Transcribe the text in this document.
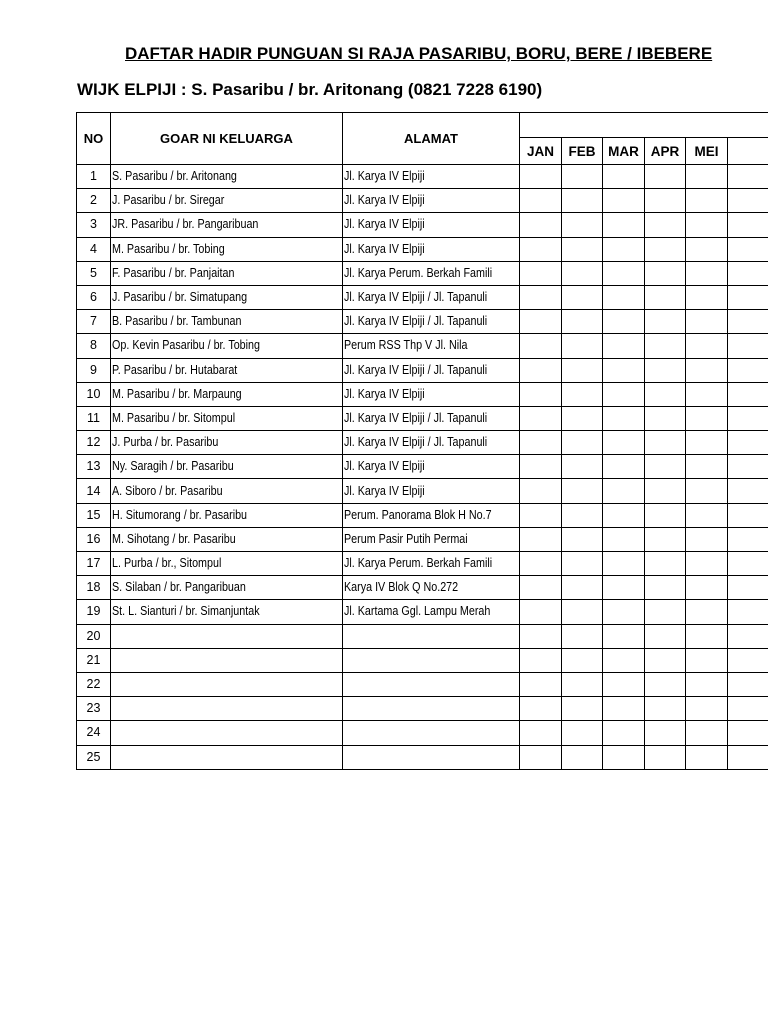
DAFTAR HADIR PUNGUAN SI RAJA PASARIBU, BORU, BERE / IBEBERE
WIJK ELPIJI : S. Pasaribu / br. Aritonang (0821 7228 6190)
NO	GOAR NI KELUARGA	ALAMAT						
			JAN	FEB	MAR	APR	MEI	
1	S. Pasaribu / br. Aritonang	Jl. Karya IV Elpiji						
2	J. Pasaribu / br. Siregar	Jl. Karya IV Elpiji						
3	JR. Pasaribu / br. Pangaribuan	Jl. Karya IV Elpiji						
4	M. Pasaribu / br. Tobing	Jl. Karya IV Elpiji						
5	F. Pasaribu / br. Panjaitan	Jl. Karya Perum. Berkah Famili						
6	J. Pasaribu / br. Simatupang	Jl. Karya IV Elpiji / Jl. Tapanuli						
7	B. Pasaribu / br. Tambunan	Jl. Karya IV Elpiji / Jl. Tapanuli						
8	Op. Kevin Pasaribu / br. Tobing	Perum RSS Thp V Jl. Nila						
9	P. Pasaribu / br. Hutabarat	Jl. Karya IV Elpiji / Jl. Tapanuli						
10	M. Pasaribu / br. Marpaung	Jl. Karya IV Elpiji						
11	M. Pasaribu / br. Sitompul	Jl. Karya IV Elpiji / Jl. Tapanuli						
12	J. Purba / br. Pasaribu	Jl. Karya IV Elpiji / Jl. Tapanuli						
13	Ny. Saragih / br. Pasaribu	Jl. Karya IV Elpiji						
14	A. Siboro / br. Pasaribu	Jl. Karya IV Elpiji						
15	H. Situmorang / br. Pasaribu	Perum. Panorama Blok H No.7						
16	M. Sihotang / br. Pasaribu	Perum Pasir Putih Permai						
17	L. Purba / br., Sitompul	Jl. Karya Perum. Berkah Famili						
18	S. Silaban / br. Pangaribuan	Karya IV Blok Q No.272						
19	St. L. Sianturi / br. Simanjuntak	Jl. Kartama Ggl. Lampu Merah						
20								
21								
22								
23								
24								
25								
